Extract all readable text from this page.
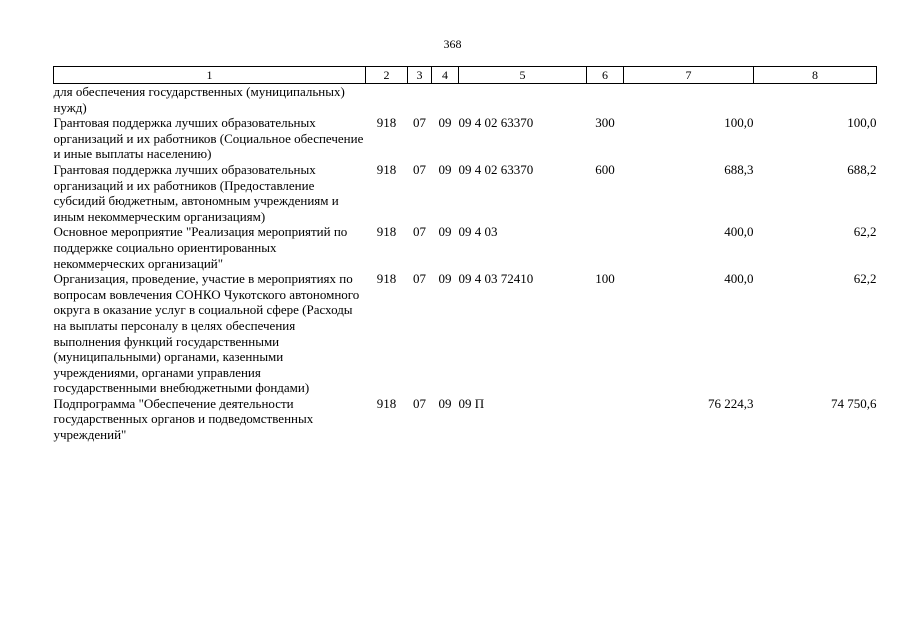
368
1	2	3	4	5	6	7	8
для обеспечения государственных (муниципальных) нужд)							
Грантовая поддержка лучших образовательных организаций и их работников (Социальное обеспечение и иные выплаты населению)	918	07	09	09 4 02 63370	300	100,0	100,0
Грантовая поддержка лучших образовательных организаций и их работников (Предоставление субсидий бюджетным, автономным учреждениям и иным некоммерческим организациям)	918	07	09	09 4 02 63370	600	688,3	688,2
Основное мероприятие "Реализация мероприятий по поддержке социально ориентированных некоммерческих организаций"	918	07	09	09 4 03		400,0	62,2
Организация, проведение, участие в мероприятиях по вопросам вовлечения СОНКО Чукотского автономного округа в оказание услуг в социальной сфере (Расходы на выплаты персоналу в целях обеспечения выполнения функций государственными (муниципальными) органами, казенными учреждениями, органами управления государственными внебюджетными фондами)	918	07	09	09 4 03 72410	100	400,0	62,2
Подпрограмма "Обеспечение деятельности государственных органов и подведомственных учреждений"	918	07	09	09 П		76 224,3	74 750,6
